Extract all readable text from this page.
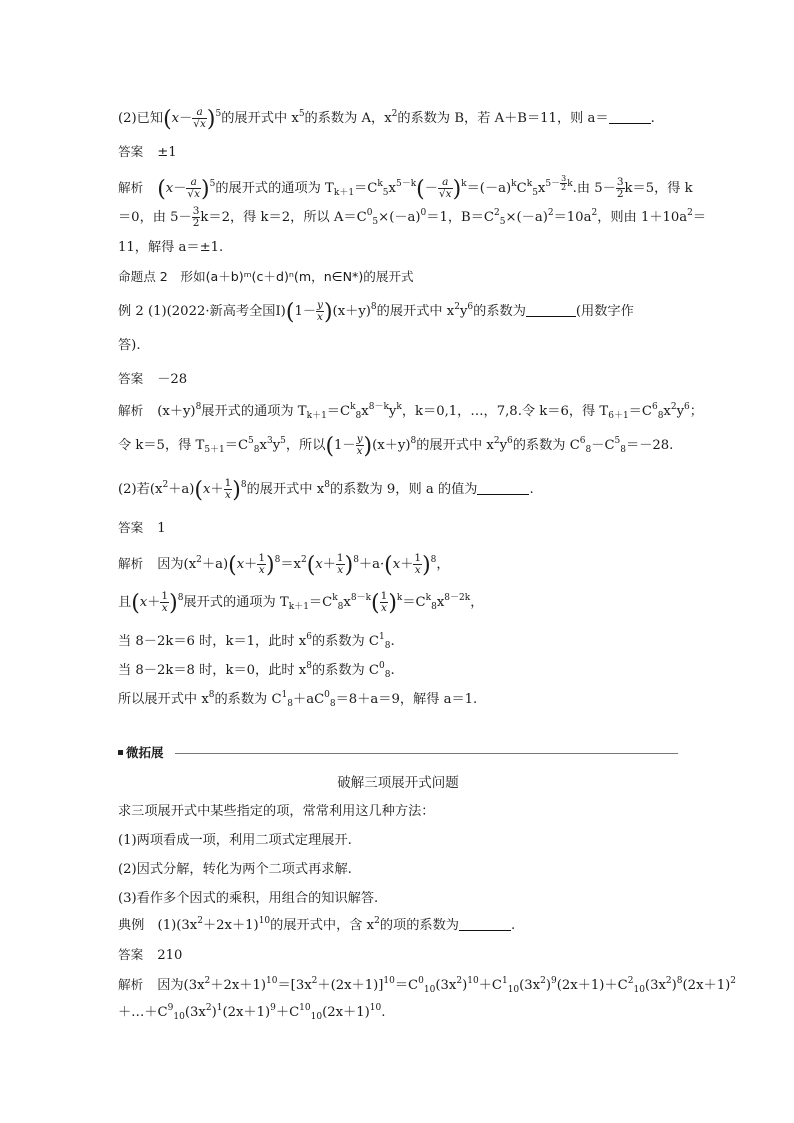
(2)已知$(x- \frac{a}{√x} )^5$的展开式中 $x^5$的系数为 A，$x^2$的系数为 B，若 A＋B＝11，则 a＝	.
答案 ±1
解析 $(x- \frac{a}{√x} )^5$的展开式的通项为 $T_{k+1}=C^k_5x^{5-k}(- \frac{a}{√x} )^k=(-a)^kC^k_5x^{5- \frac{3}{2} k}$.由 $5- \frac{3}{2} k=5$，得 k
＝0，由 $5- \frac{3}{2} k=2$，得 k＝2，所以 $A=C^0_5\times(-a)^0=1$，$B=C^2_5\times(-a)^2=10a^2$，则由 $1+10a^2=$
11，解得 a＝±1.
命题点 2　形如(a＋b)ᵐ(c＋d)ⁿ(m，n∈N*)的展开式
例 2 (1)(2022·新高考全国Ⅰ)(1－ $\frac{y}{x} )(x+y)^8$的展开式中 $x^2y^6$的系数为	(用数字作
答).
答案 －28
解析 $(x+y)^8$展开式的通项为 $T_{k+1}=C^k_8x^{8-k}y^k$，k＝0,1，…，7,8.令 k＝6，得 $T_{6+1}=C^6_8x^2y^6$；
令 k＝5，得 $T_{5+1}=C^5_8x^3y^5$，所以$(1- \frac{y}{x} )(x+y)^8$的展开式中 $x^2y^6$的系数为 $C^6_8-C^5_8=-28$.
(2)若$(x^2+a)(x+ \frac{1}{x} )^8$的展开式中 $x^8$的系数为 9，则 a 的值为	.
答案 1
解析 因为$(x^2+a)(x+ \frac{1}{x} )^8=x^2(x+ \frac{1}{x} )^8+a\cdot(x+ \frac{1}{x} )^8$，
且$(x+ \frac{1}{x} )^8$展开式的通项为 $T_{k+1}=C^k_8x^{8-k}( \frac{1}{x} )^k=C^k_8x^{8-2k}$，
当 8－2k＝6 时，k＝1，此时 $x^6$的系数为 $C^1_8$.
当 8－2k＝8 时，k＝0，此时 $x^8$的系数为 $C^0_8$.
所以展开式中 $x^8$的系数为 $C^1_8+aC^0_8=8+a=9$，解得 a＝1.
微拓展
破解三项展开式问题
求三项展开式中某些指定的项，常常利用这几种方法：
(1)两项看成一项，利用二项式定理展开.
(2)因式分解，转化为两个二项式再求解.
(3)看作多个因式的乘积，用组合的知识解答.
典例　$(1)(3x^2+2x+1)^{10}$的展开式中，含 $x^2$的项的系数为	.
答案 210
解析 因为$(3x^2+2x+1)^{10}=[3x^2+(2x+1)]^{10}=C^0_{10}(3x^2)^{10}+C^1_{10}(3x^2)^9(2x+1)+C^2_{10}(3x^2)^8(2x+1)^2$
$+\dots+C^9_{10}(3x^2)^1(2x+1)^9+C^{10}_{10}(2x+1)^{10}$.
